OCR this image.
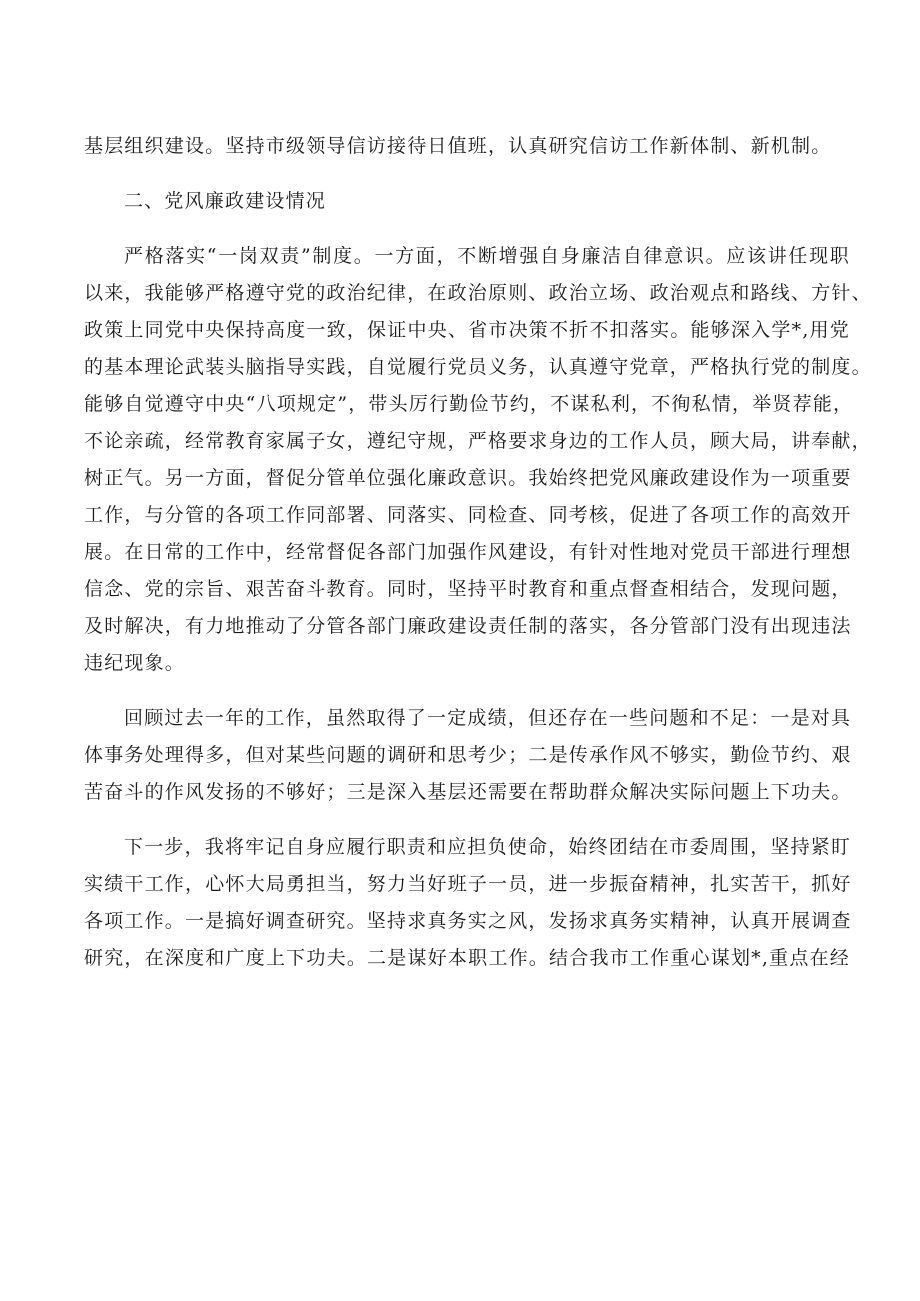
基层组织建设。坚持市级领导信访接待日值班，认真研究信访工作新体制、新机制。
二、党风廉政建设情况
严格落实“一岗双责”制度。一方面，不断增强自身廉洁自律意识。应该讲任现职
以来，我能够严格遵守党的政治纪律，在政治原则、政治立场、政治观点和路线、方针、
政策上同党中央保持高度一致，保证中央、省市决策不折不扣落实。能够深入学*,用党
的基本理论武装头脑指导实践，自觉履行党员义务，认真遵守党章，严格执行党的制度。
能够自觉遵守中央“八项规定”，带头厉行勤俭节约，不谋私利，不徇私情，举贤荐能，
不论亲疏，经常教育家属子女，遵纪守规，严格要求身边的工作人员，顾大局，讲奉献，
树正气。另一方面，督促分管单位强化廉政意识。我始终把党风廉政建设作为一项重要
工作，与分管的各项工作同部署、同落实、同检查、同考核，促进了各项工作的高效开
展。在日常的工作中，经常督促各部门加强作风建设，有针对性地对党员干部进行理想
信念、党的宗旨、艰苦奋斗教育。同时，坚持平时教育和重点督查相结合，发现问题，
及时解决，有力地推动了分管各部门廉政建设责任制的落实，各分管部门没有出现违法
违纪现象。
回顾过去一年的工作，虽然取得了一定成绩，但还存在一些问题和不足：一是对具
体事务处理得多，但对某些问题的调研和思考少；二是传承作风不够实，勤俭节约、艰
苦奋斗的作风发扬的不够好；三是深入基层还需要在帮助群众解决实际问题上下功夫。
下一步，我将牢记自身应履行职责和应担负使命，始终团结在市委周围，坚持紧盯
实绩干工作，心怀大局勇担当，努力当好班子一员，进一步振奋精神，扎实苦干，抓好
各项工作。一是搞好调查研究。坚持求真务实之风，发扬求真务实精神，认真开展调查
研究，在深度和广度上下功夫。二是谋好本职工作。结合我市工作重心谋划*,重点在经
